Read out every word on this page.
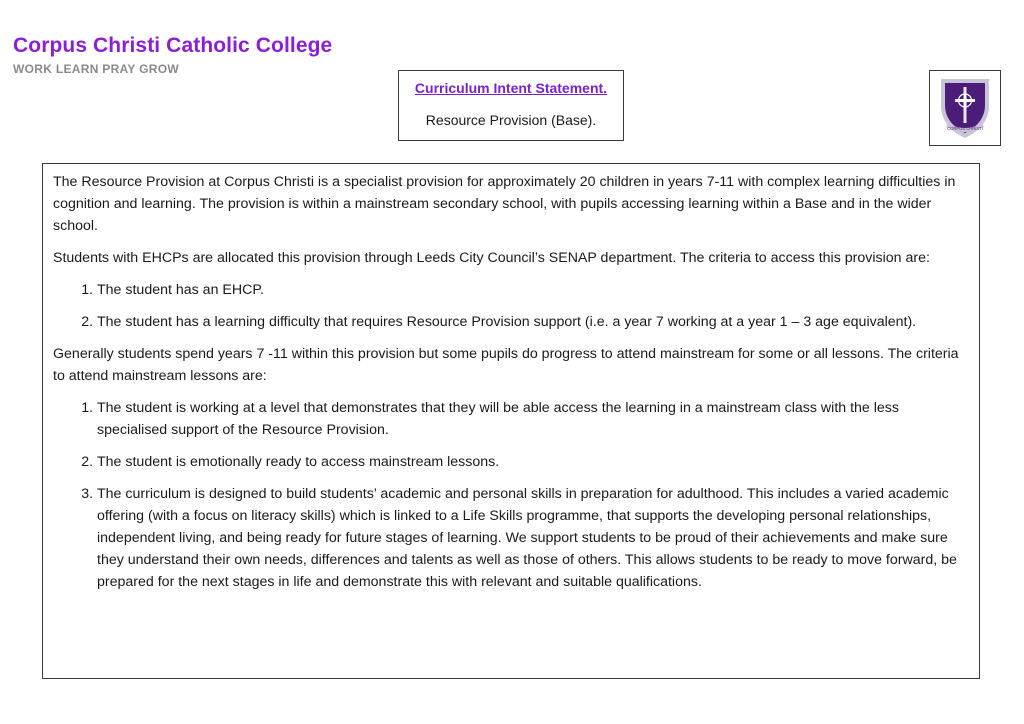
Corpus Christi Catholic College
WORK LEARN PRAY GROW
Curriculum Intent Statement.
Resource Provision (Base).
CORPUS CHRISTI

The Resource Provision at Corpus Christi is a specialist provision for approximately 20 children in years 7-11 with complex learning difficulties in cognition and learning. The provision is within a mainstream secondary school, with pupils accessing learning within a Base and in the wider school.

Students with EHCPs are allocated this provision through Leeds City Council’s SENAP department. The criteria to access this provision are:

1. The student has an EHCP.
2. The student has a learning difficulty that requires Resource Provision support (i.e. a year 7 working at a year 1 – 3 age equivalent).

Generally students spend years 7 -11 within this provision but some pupils do progress to attend mainstream for some or all lessons. The criteria to attend mainstream lessons are:

1. The student is working at a level that demonstrates that they will be able access the learning in a mainstream class with the less specialised support of the Resource Provision.
2. The student is emotionally ready to access mainstream lessons.
3. The curriculum is designed to build students’ academic and personal skills in preparation for adulthood. This includes a varied academic offering (with a focus on literacy skills) which is linked to a Life Skills programme, that supports the developing personal relationships, independent living, and being ready for future stages of learning. We support students to be proud of their achievements and make sure they understand their own needs, differences and talents as well as those of others. This allows students to be ready to move forward, be prepared for the next stages in life and demonstrate this with relevant and suitable qualifications.
